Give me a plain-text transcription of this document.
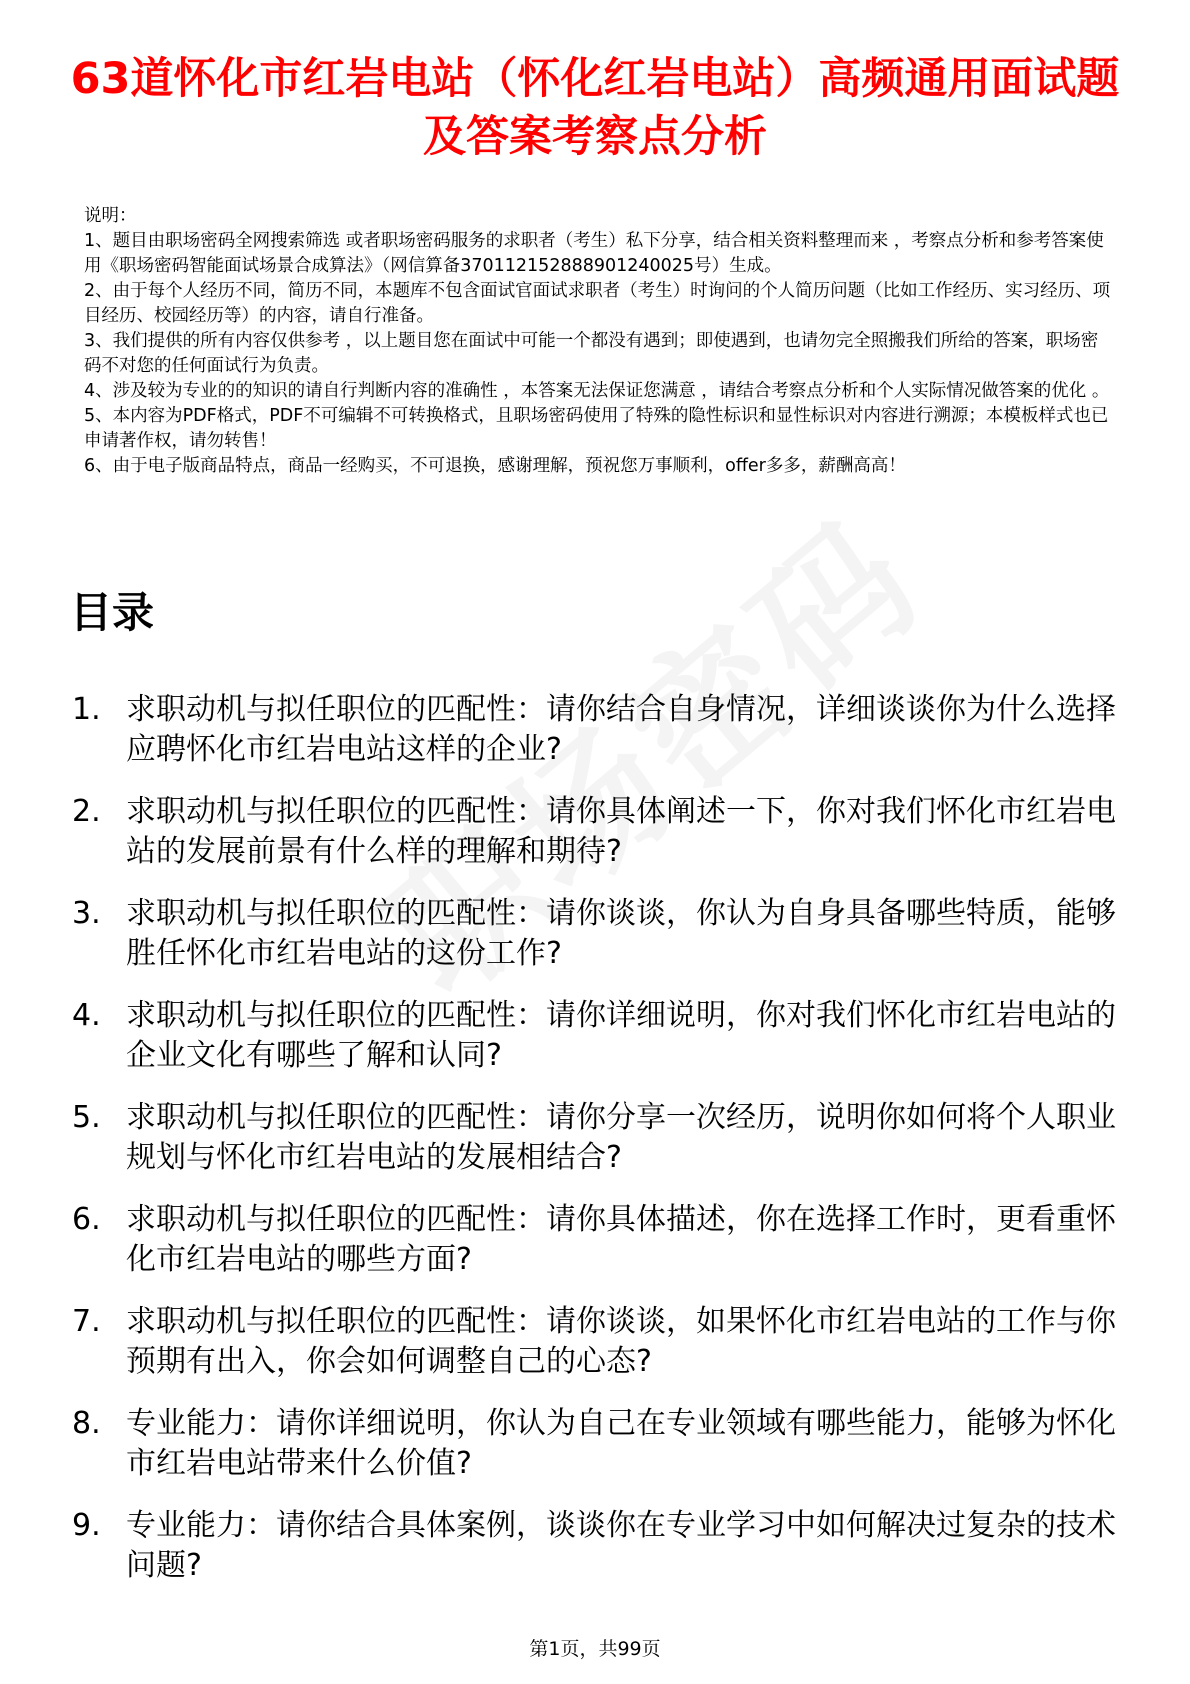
63道怀化市红岩电站（怀化红岩电站）高频通用面试题及答案考察点分析

说明：

1、题目由职场密码全网搜索筛选 或者职场密码服务的求职者（考生）私下分享，结合相关资料整理而来 ，考察点分析和参考答案使用《职场密码智能面试场景合成算法》（网信算备370112152888901240025号）生成。

2、由于每个人经历不同，简历不同，本题库不包含面试官面试求职者（考生）时询问的个人简历问题（比如工作经历、实习经历、项目经历、校园经历等）的内容，请自行准备。

3、我们提供的所有内容仅供参考 ，以上题目您在面试中可能一个都没有遇到；即使遇到，也请勿完全照搬我们所给的答案，职场密码不对您的任何面试行为负责。

4、涉及较为专业的的知识的请自行判断内容的准确性 ，本答案无法保证您满意 ，请结合考察点分析和个人实际情况做答案的优化 。

5、本内容为PDF格式，PDF不可编辑不可转换格式，且职场密码使用了特殊的隐性标识和显性标识对内容进行溯源；本模板样式也已申请著作权，请勿转售！

6、由于电子版商品特点，商品一经购买，不可退换，感谢理解，预祝您万事顺利，offer多多，薪酬高高！

目录
1. 求职动机与拟任职位的匹配性：请你结合自身情况，详细谈谈你为什么选择应聘怀化市红岩电站这样的企业?
2. 求职动机与拟任职位的匹配性：请你具体阐述一下，你对我们怀化市红岩电站的发展前景有什么样的理解和期待?
3. 求职动机与拟任职位的匹配性：请你谈谈，你认为自身具备哪些特质，能够胜任怀化市红岩电站的这份工作?
4. 求职动机与拟任职位的匹配性：请你详细说明，你对我们怀化市红岩电站的企业文化有哪些了解和认同?
5. 求职动机与拟任职位的匹配性：请你分享一次经历，说明你如何将个人职业规划与怀化市红岩电站的发展相结合?
6. 求职动机与拟任职位的匹配性：请你具体描述，你在选择工作时，更看重怀化市红岩电站的哪些方面?
7. 求职动机与拟任职位的匹配性：请你谈谈，如果怀化市红岩电站的工作与你预期有出入，你会如何调整自己的心态?
8. 专业能力：请你详细说明，你认为自己在专业领域有哪些能力，能够为怀化市红岩电站带来什么价值?
9. 专业能力：请你结合具体案例，谈谈你在专业学习中如何解决过复杂的技术问题?
第1页，共99页
